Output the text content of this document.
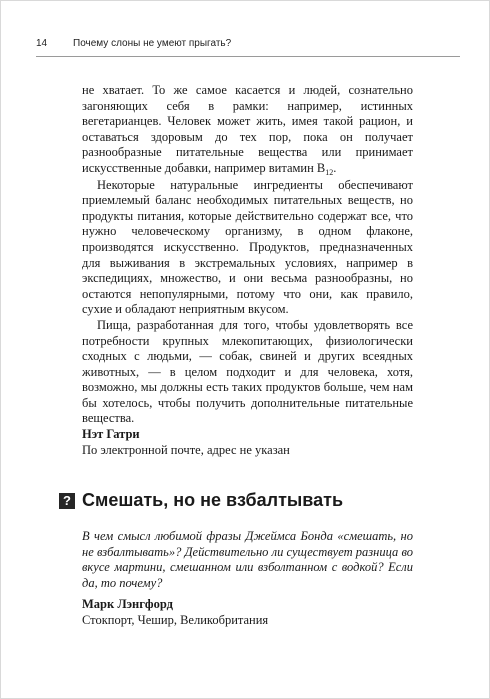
14	Почему слоны не умеют прыгать?

не хватает. То же самое касается и людей, сознательно загоняющих себя в рамки: например, истинных вегетарианцев. Человек может жить, имея такой рацион, и оставаться здоровым до тех пор, пока он получает разнообразные питательные вещества или принимает искусственные добавки, например витамин $B_{12}$.

Некоторые натуральные ингредиенты обеспечивают приемлемый баланс необходимых питательных веществ, но продукты питания, которые действительно содержат все, что нужно человеческому организму, в одном флаконе, производятся искусственно. Продуктов, предназначенных для выживания в экстремальных условиях, например в экспедициях, множество, и они весьма разнообразны, но остаются непопулярными, потому что они, как правило, сухие и обладают неприятным вкусом.

Пища, разработанная для того, чтобы удовлетворять все потребности крупных млекопитающих, физиологически сходных с людьми, — собак, свиней и других всеядных животных, — в целом подходит и для человека, хотя, возможно, мы должны есть таких продуктов больше, чем нам бы хотелось, чтобы получить дополнительные питательные вещества.

Нэт Гатри

По электронной почте, адрес не указан

? Смешать, но не взбалтывать

В чем смысл любимой фразы Джеймса Бонда «смешать, но не взбалтывать»? Действительно ли существует разница во вкусе мартини, смешанном или взболтанном с водкой? Если да, то почему?

Марк Лэнгфорд
Стокпорт, Чешир, Великобритания
